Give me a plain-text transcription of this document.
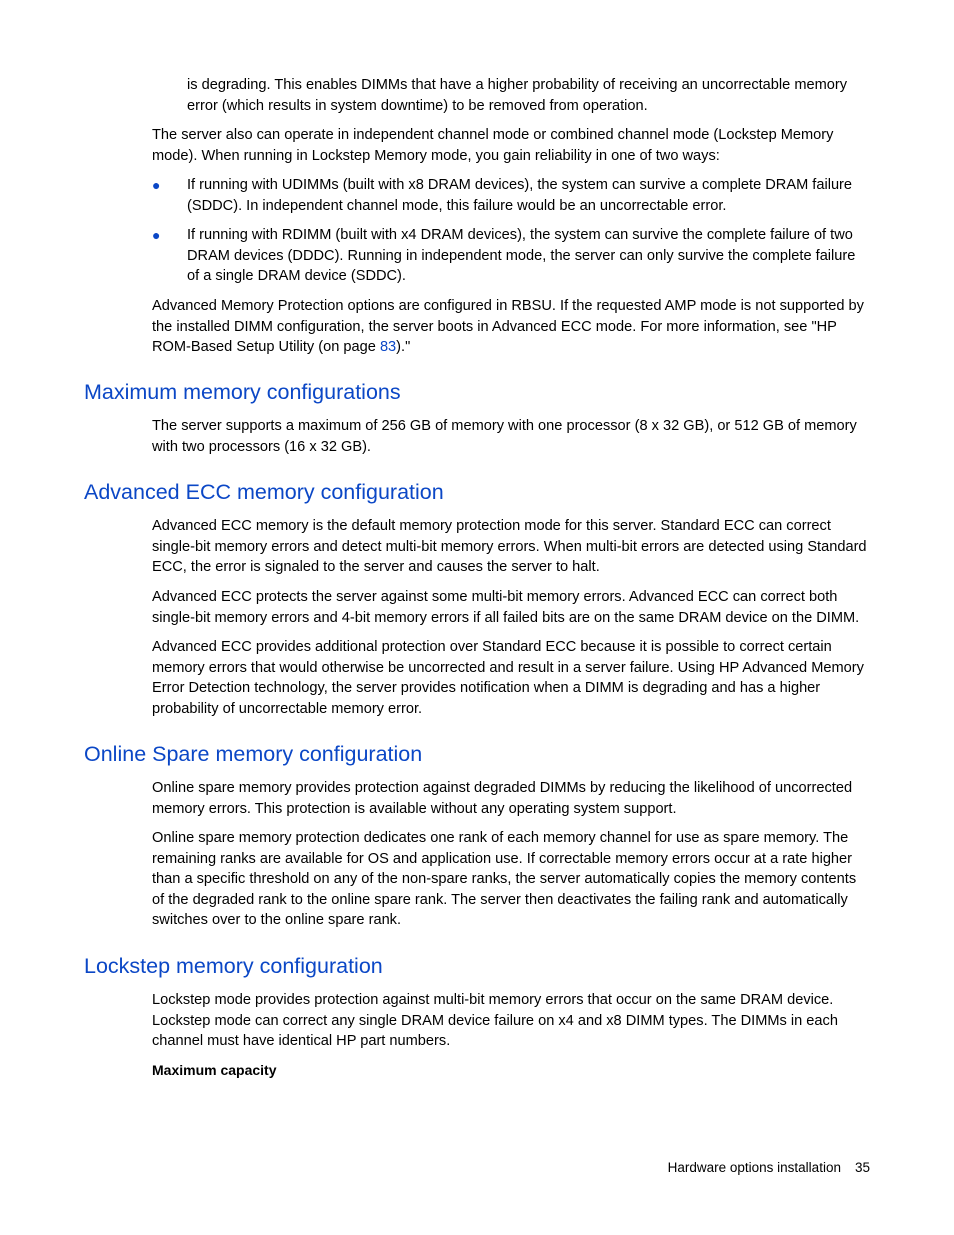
is degrading. This enables DIMMs that have a higher probability of receiving an uncorrectable memory error (which results in system downtime) to be removed from operation.

The server also can operate in independent channel mode or combined channel mode (Lockstep Memory mode). When running in Lockstep Memory mode, you gain reliability in one of two ways:

● If running with UDIMMs (built with x8 DRAM devices), the system can survive a complete DRAM failure (SDDC). In independent channel mode, this failure would be an uncorrectable error.
● If running with RDIMM (built with x4 DRAM devices), the system can survive the complete failure of two DRAM devices (DDDC). Running in independent mode, the server can only survive the complete failure of a single DRAM device (SDDC).

Advanced Memory Protection options are configured in RBSU. If the requested AMP mode is not supported by the installed DIMM configuration, the server boots in Advanced ECC mode. For more information, see "HP ROM-Based Setup Utility (on page 83)."

Maximum memory configurations

The server supports a maximum of 256 GB of memory with one processor (8 x 32 GB), or 512 GB of memory with two processors (16 x 32 GB).

Advanced ECC memory configuration

Advanced ECC memory is the default memory protection mode for this server. Standard ECC can correct single-bit memory errors and detect multi-bit memory errors. When multi-bit errors are detected using Standard ECC, the error is signaled to the server and causes the server to halt.

Advanced ECC protects the server against some multi-bit memory errors. Advanced ECC can correct both single-bit memory errors and 4-bit memory errors if all failed bits are on the same DRAM device on the DIMM.

Advanced ECC provides additional protection over Standard ECC because it is possible to correct certain memory errors that would otherwise be uncorrected and result in a server failure. Using HP Advanced Memory Error Detection technology, the server provides notification when a DIMM is degrading and has a higher probability of uncorrectable memory error.

Online Spare memory configuration

Online spare memory provides protection against degraded DIMMs by reducing the likelihood of uncorrected memory errors. This protection is available without any operating system support.

Online spare memory protection dedicates one rank of each memory channel for use as spare memory. The remaining ranks are available for OS and application use. If correctable memory errors occur at a rate higher than a specific threshold on any of the non-spare ranks, the server automatically copies the memory contents of the degraded rank to the online spare rank. The server then deactivates the failing rank and automatically switches over to the online spare rank.

Lockstep memory configuration

Lockstep mode provides protection against multi-bit memory errors that occur on the same DRAM device. Lockstep mode can correct any single DRAM device failure on x4 and x8 DIMM types. The DIMMs in each channel must have identical HP part numbers.

Maximum capacity
Hardware options installation 35
